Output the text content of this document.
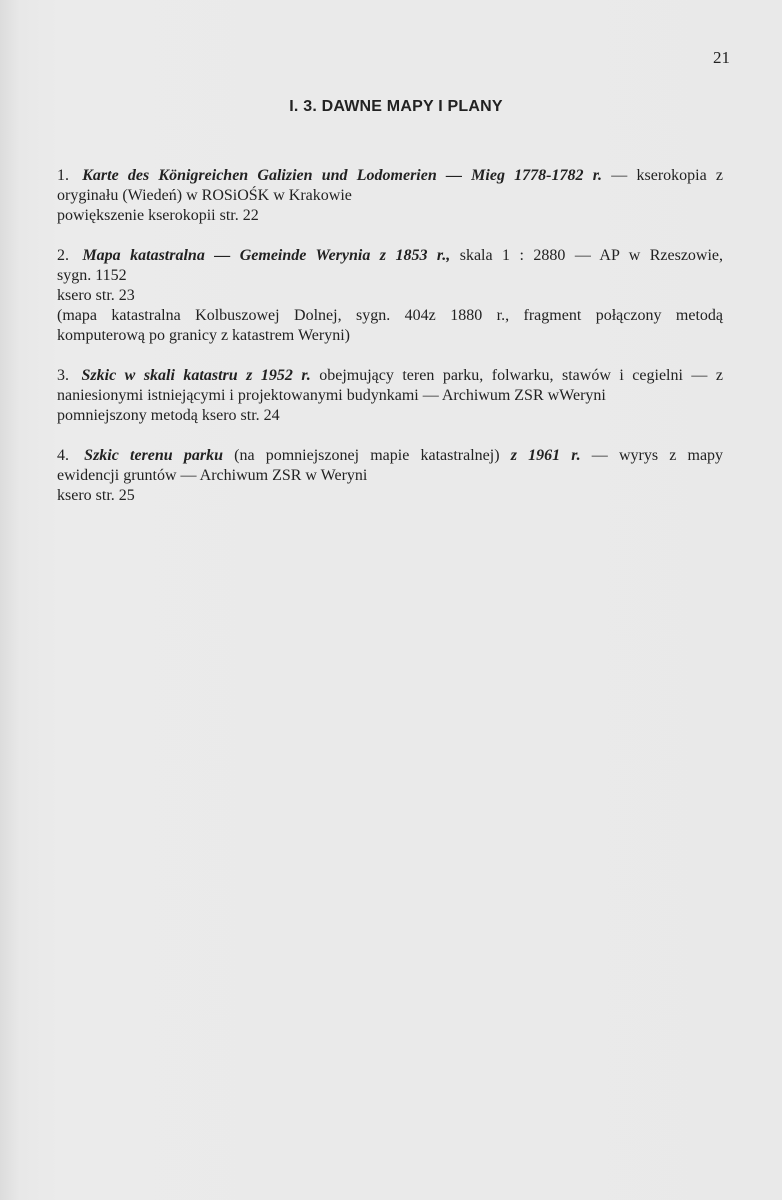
21
I. 3. DAWNE MAPY I PLANY
1. Karte des Königreichen Galizien und Lodomerien — Mieg 1778-1782 r. — kserokopia z
oryginału (Wiedeń) w ROSiOŚK w Krakowie
powiększenie kserokopii str. 22
2. Mapa katastralna — Gemeinde Werynia z 1853 r., skala 1 : 2880 — AP w Rzeszowie,
sygn. 1152
ksero str. 23
(mapa katastralna Kolbuszowej Dolnej, sygn. 404z 1880 r., fragment połączony metodą
komputerową po granicy z katastrem Weryni)
3. Szkic w skali katastru z 1952 r. obejmujący teren parku, folwarku, stawów i cegielni — z
naniesionymi istniejącymi i projektowanymi budynkami — Archiwum ZSR wWeryni
pomniejszony metodą ksero str. 24
4. Szkic terenu parku (na pomniejszonej mapie katastralnej) z 1961 r. — wyrys z mapy
ewidencji gruntów — Archiwum ZSR w Weryni
ksero str. 25
